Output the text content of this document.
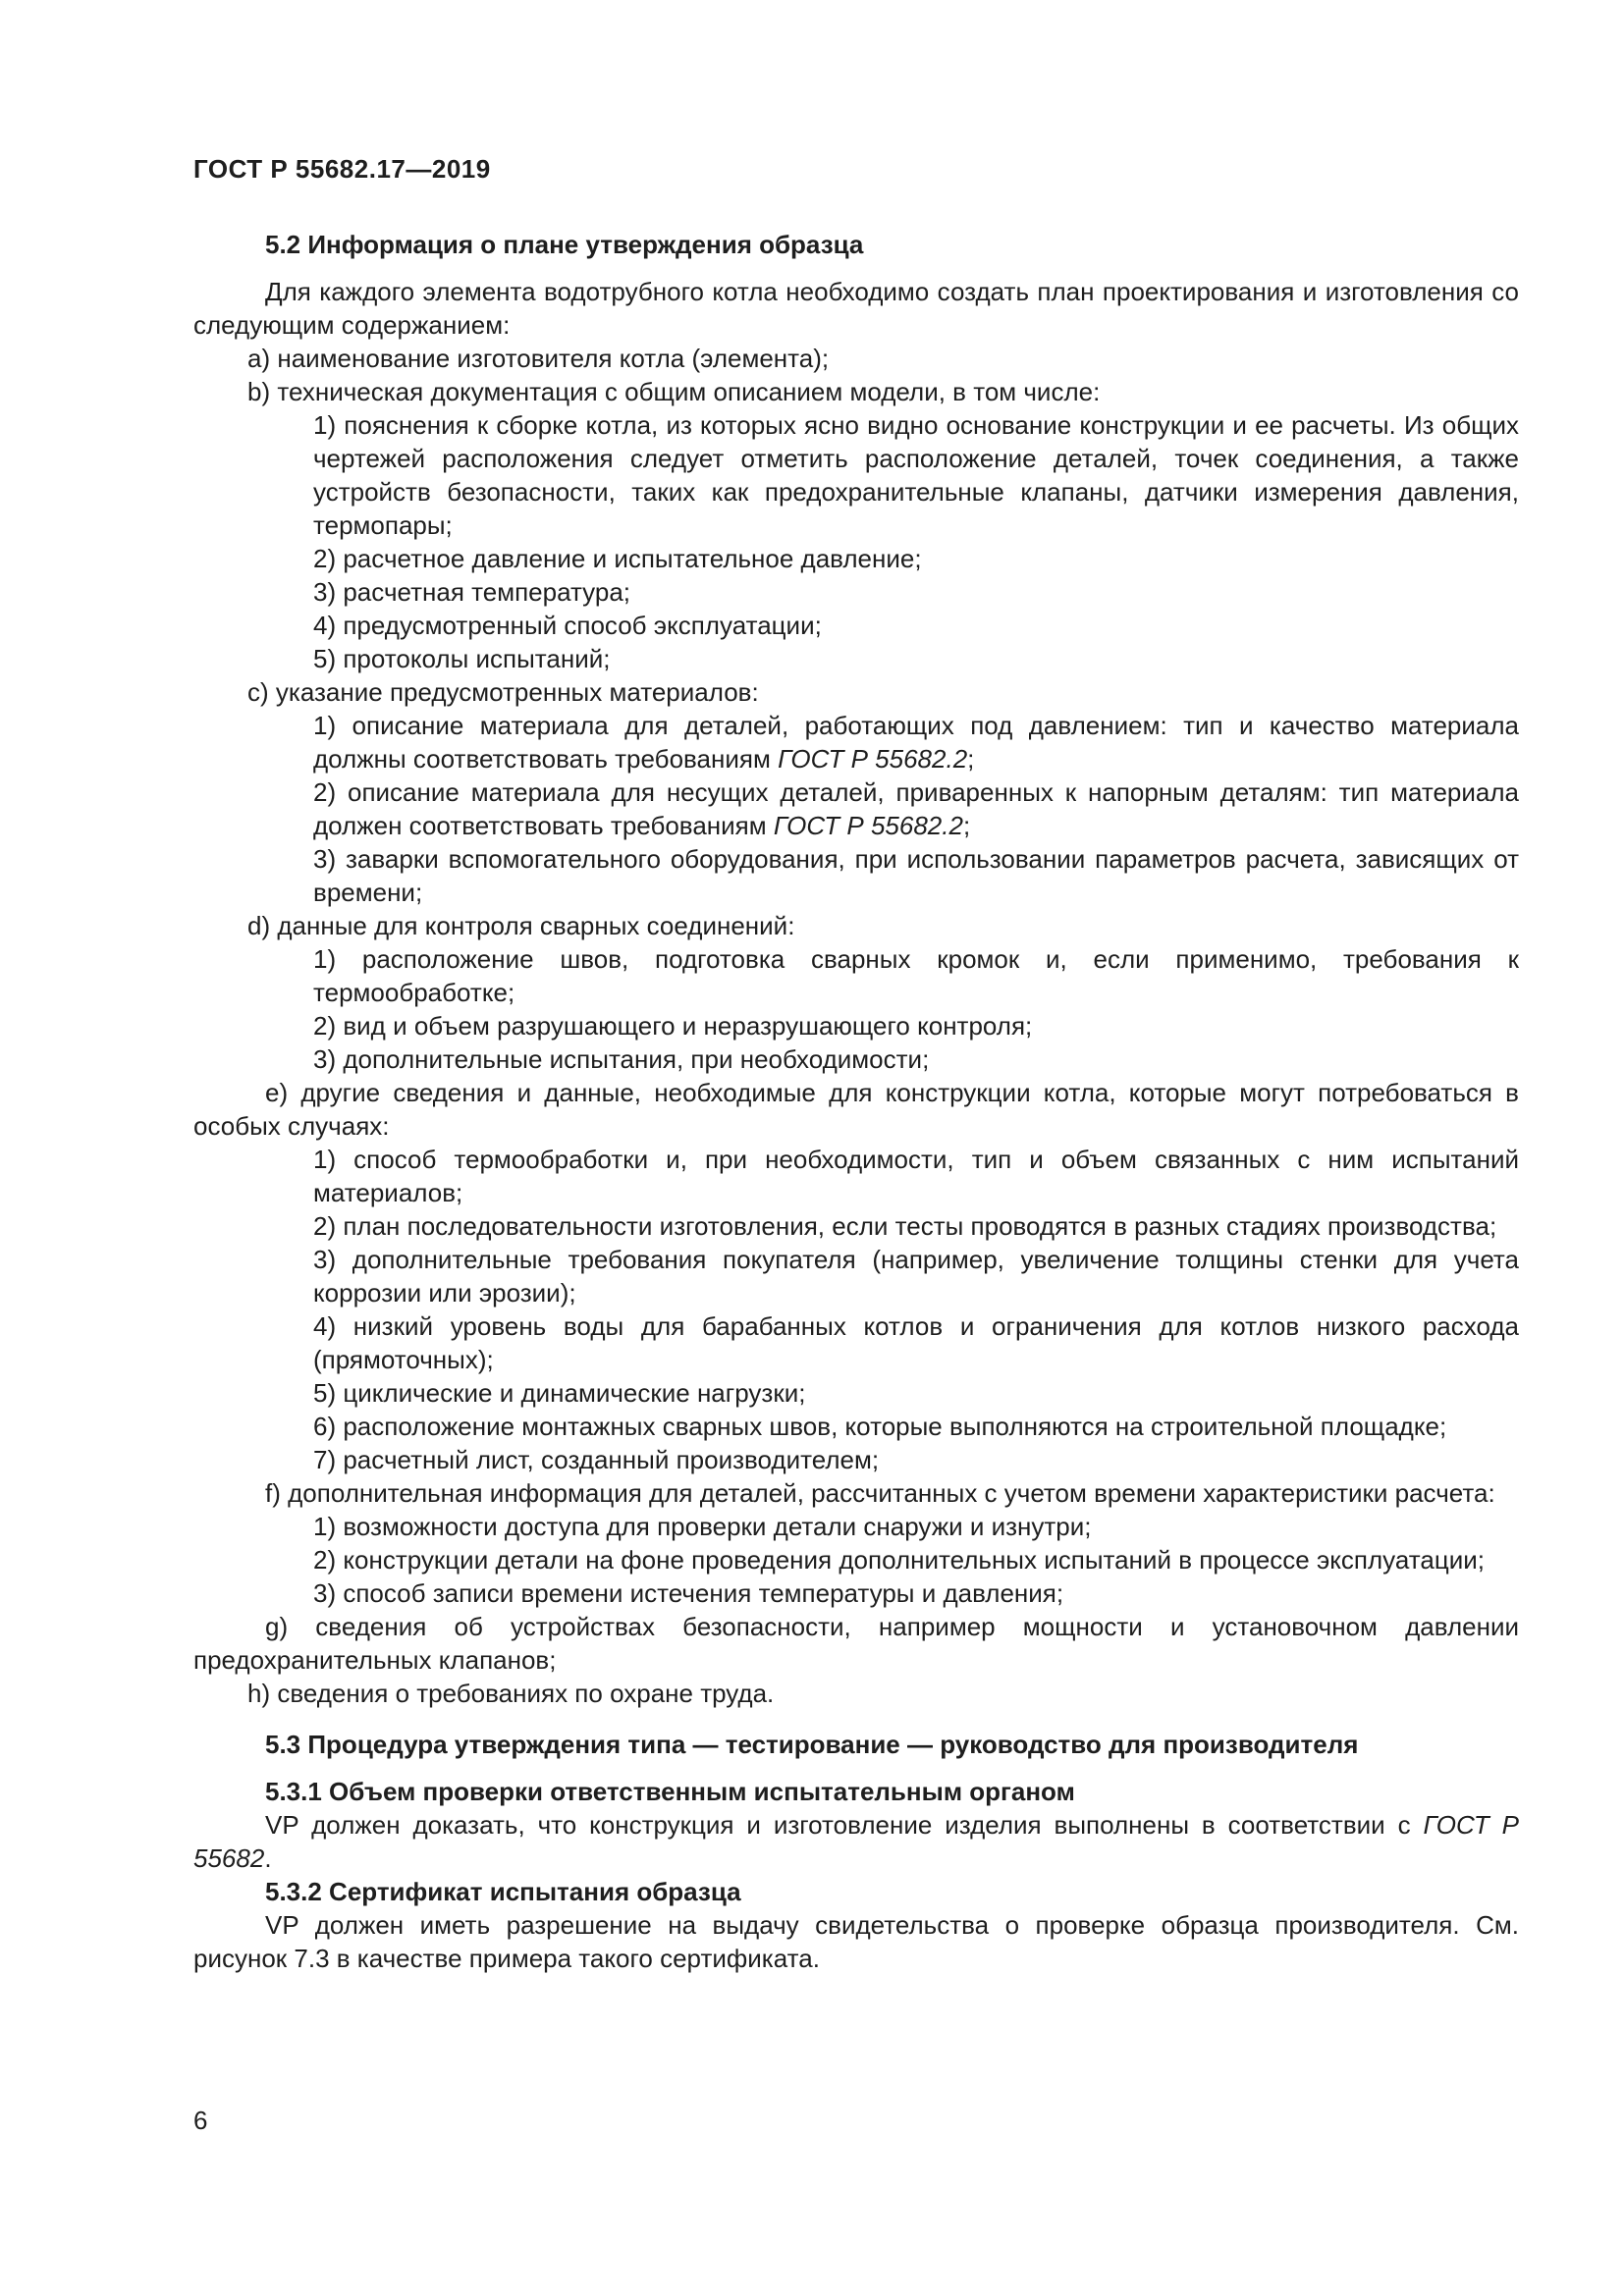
ГОСТ Р 55682.17—2019

5.2 Информация о плане утверждения образца

Для каждого элемента водотрубного котла необходимо создать план проектирования и изготовления со следующим содержанием:

а) наименование изготовителя котла (элемента);

b) техническая документация с общим описанием модели, в том числе:

1) пояснения к сборке котла, из которых ясно видно основание конструкции и ее расчеты. Из общих чертежей расположения следует отметить расположение деталей, точек соединения, а также устройств безопасности, таких как предохранительные клапаны, датчики измерения давления, термопары;

2) расчетное давление и испытательное давление;

3) расчетная температура;

4) предусмотренный способ эксплуатации;

5) протоколы испытаний;

с) указание предусмотренных материалов:

1) описание материала для деталей, работающих под давлением: тип и качество материала должны соответствовать требованиям ГОСТ Р 55682.2;

2) описание материала для несущих деталей, приваренных к напорным деталям: тип материала должен соответствовать требованиям ГОСТ Р 55682.2;

3) заварки вспомогательного оборудования, при использовании параметров расчета, зависящих от времени;

d) данные для контроля сварных соединений:

1) расположение швов, подготовка сварных кромок и, если применимо, требования к термообработке;

2) вид и объем разрушающего и неразрушающего контроля;

3) дополнительные испытания, при необходимости;

е) другие сведения и данные, необходимые для конструкции котла, которые могут потребоваться в особых случаях:

1) способ термообработки и, при необходимости, тип и объем связанных с ним испытаний материалов;

2) план последовательности изготовления, если тесты проводятся в разных стадиях производства;

3) дополнительные требования покупателя (например, увеличение толщины стенки для учета коррозии или эрозии);

4) низкий уровень воды для барабанных котлов и ограничения для котлов низкого расхода (прямоточных);

5) циклические и динамические нагрузки;

6) расположение монтажных сварных швов, которые выполняются на строительной площадке;

7) расчетный лист, созданный производителем;

f) дополнительная информация для деталей, рассчитанных с учетом времени характеристики расчета:

1) возможности доступа для проверки детали снаружи и изнутри;

2) конструкции детали на фоне проведения дополнительных испытаний в процессе эксплуатации;

3) способ записи времени истечения температуры и давления;

g) сведения об устройствах безопасности, например мощности и установочном давлении предохранительных клапанов;

h) сведения о требованиях по охране труда.

5.3 Процедура утверждения типа — тестирование — руководство для производителя

5.3.1 Объем проверки ответственным испытательным органом

VP должен доказать, что конструкция и изготовление изделия выполнены в соответствии с ГОСТ Р 55682.

5.3.2 Сертификат испытания образца

VP должен иметь разрешение на выдачу свидетельства о проверке образца производителя. См. рисунок 7.3 в качестве примера такого сертификата.

6
